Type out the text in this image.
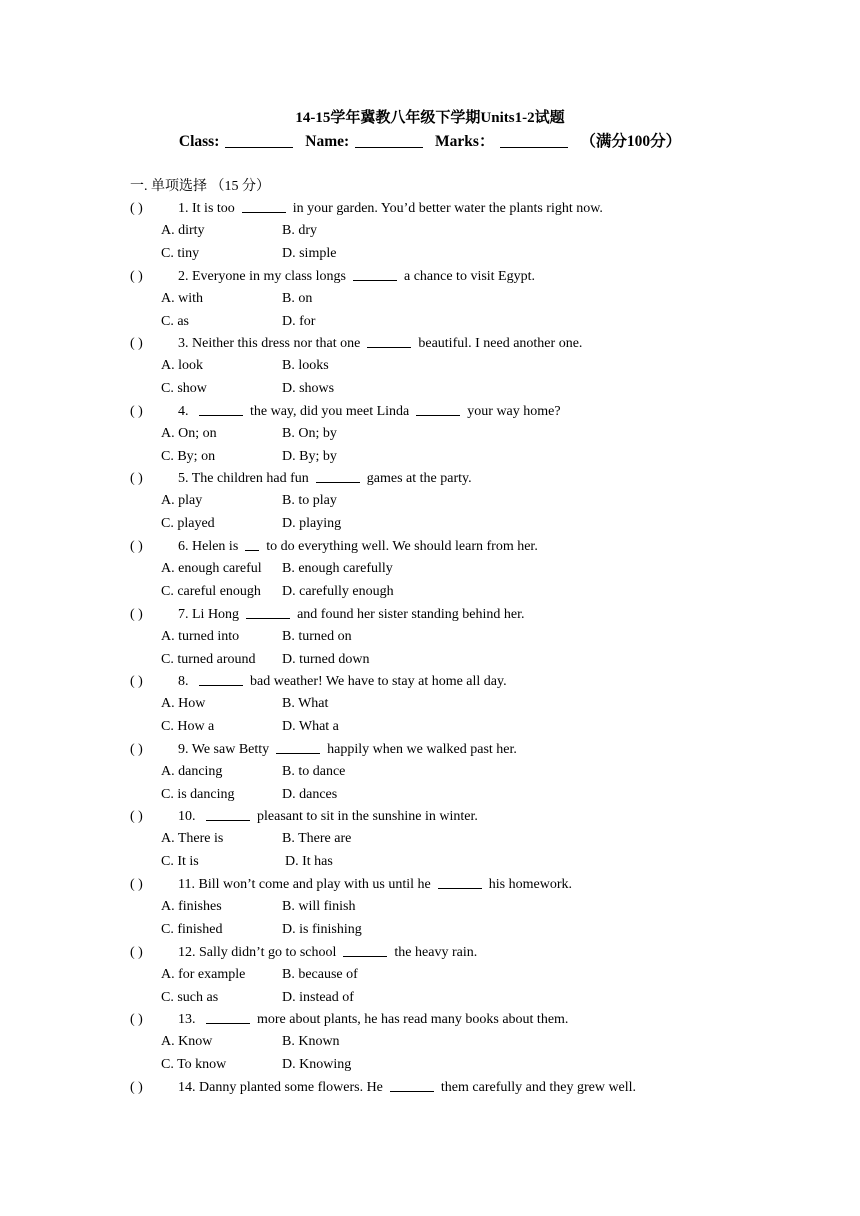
14-15学年冀教八年级下学期Units1-2试题
Class:	Name:	Marks：	（满分100分）
一. 单项选择 （15 分）
( )	1. It is too	in your garden. You’d better water the plants right now.
A. dirty	B. dry
C. tiny	D. simple
( )	2. Everyone in my class longs	a chance to visit Egypt.
A. with	B. on
C. as	D. for
( )	3. Neither this dress nor that one	beautiful. I need another one.
A. look	B. looks
C. show	D. shows
( )	4.	the way, did you meet Linda	your way home?
A. On; on	B. On; by
C. By; on	D. By; by
( )	5. The children had fun	games at the party.
A. play	B. to play
C. played	D. playing
( )	6. Helen is to do everything well. We should learn from her.
A. enough careful B. enough carefully
C. careful enough D. carefully enough
( )	7. Li Hong	and found her sister standing behind her.
A. turned into	B. turned on
C. turned around D. turned down
( )	8.	bad weather! We have to stay at home all day.
A. How	B. What
C. How a	D. What a
( )	9. We saw Betty	happily when we walked past her.
A. dancing	B. to dance
C. is dancing	D. dances
( )	10.	pleasant to sit in the sunshine in winter.
A. There is	B. There are
C. It is	D. It has
( )	11. Bill won’t come and play with us until he	his homework.
A. finishes	B. will finish
C. finished	D. is finishing
( )	12. Sally didn’t go to school	the heavy rain.
A. for example	B. because of
C. such as	D. instead of
( )	13.	more about plants, he has read many books about them.
A. Know	B. Known
C. To know	D. Knowing
( )	14. Danny planted some flowers. He	them carefully and they grew well.
